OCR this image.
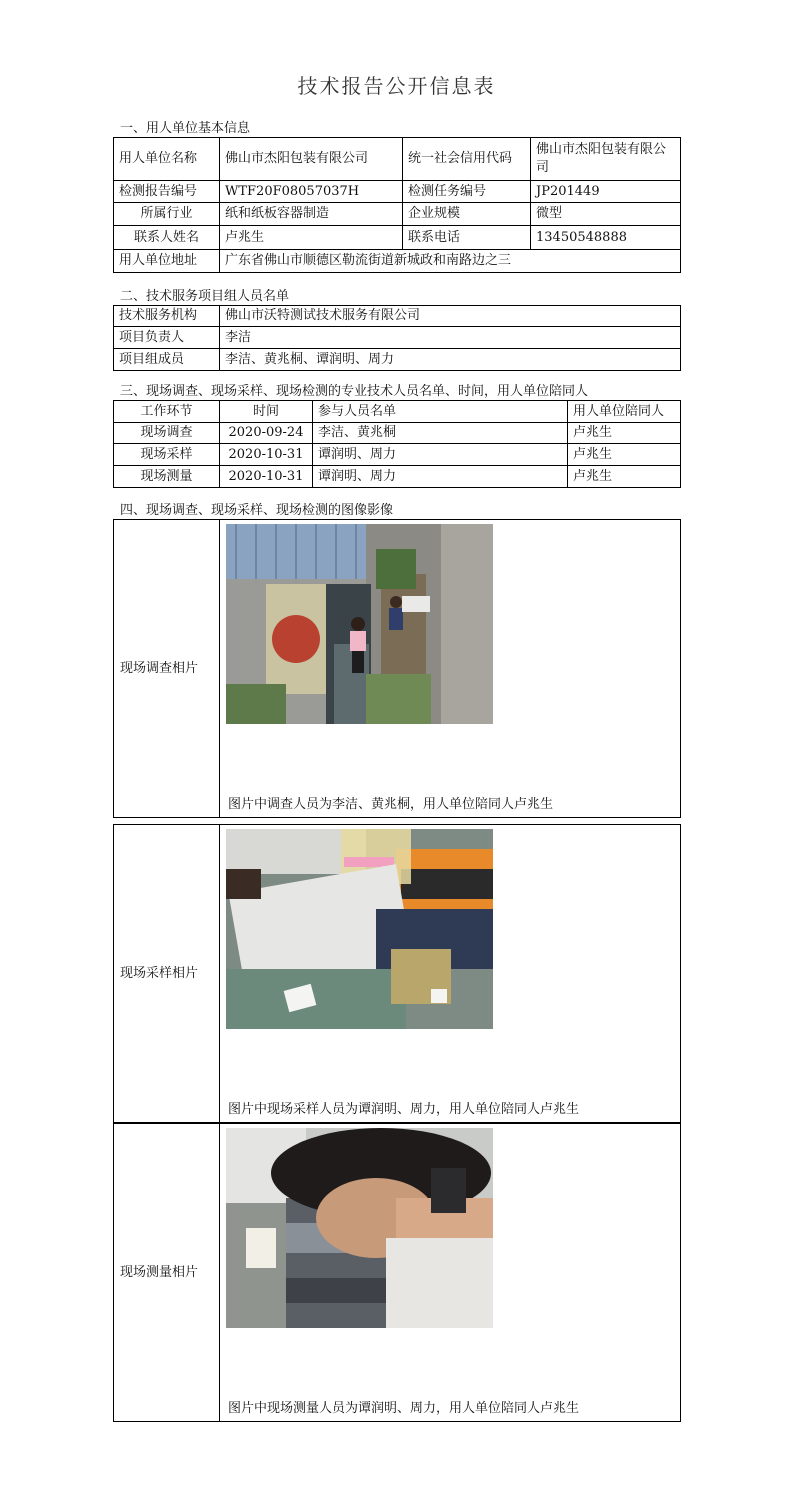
技术报告公开信息表
一、用人单位基本信息
用人单位名称	佛山市杰阳包装有限公司	统一社会信用代码	佛山市杰阳包装有限公司
检测报告编号	WTF20F08057037H	检测任务编号	JP201449
所属行业	纸和纸板容器制造	企业规模	微型
联系人姓名	卢兆生	联系电话	13450548888
用人单位地址	广东省佛山市顺德区勒流街道新城政和南路边之三		
二、技术服务项目组人员名单
技术服务机构	佛山市沃特测试技术服务有限公司
项目负责人	李洁
项目组成员	李洁、黄兆桐、谭润明、周力
三、现场调查、现场采样、现场检测的专业技术人员名单、时间，用人单位陪同人
工作环节	时间	参与人员名单	用人单位陪同人
现场调查	2020-09-24	李洁、黄兆桐	卢兆生
现场采样	2020-10-31	谭润明、周力	卢兆生
现场测量	2020-10-31	谭润明、周力	卢兆生
四、现场调查、现场采样、现场检测的图像影像
现场调查相片	
图片中调查人员为李洁、黄兆桐，用人单位陪同人卢兆生
现场采样相片	
图片中现场采样人员为谭润明、周力，用人单位陪同人卢兆生
现场测量相片	
图片中现场测量人员为谭润明、周力，用人单位陪同人卢兆生
